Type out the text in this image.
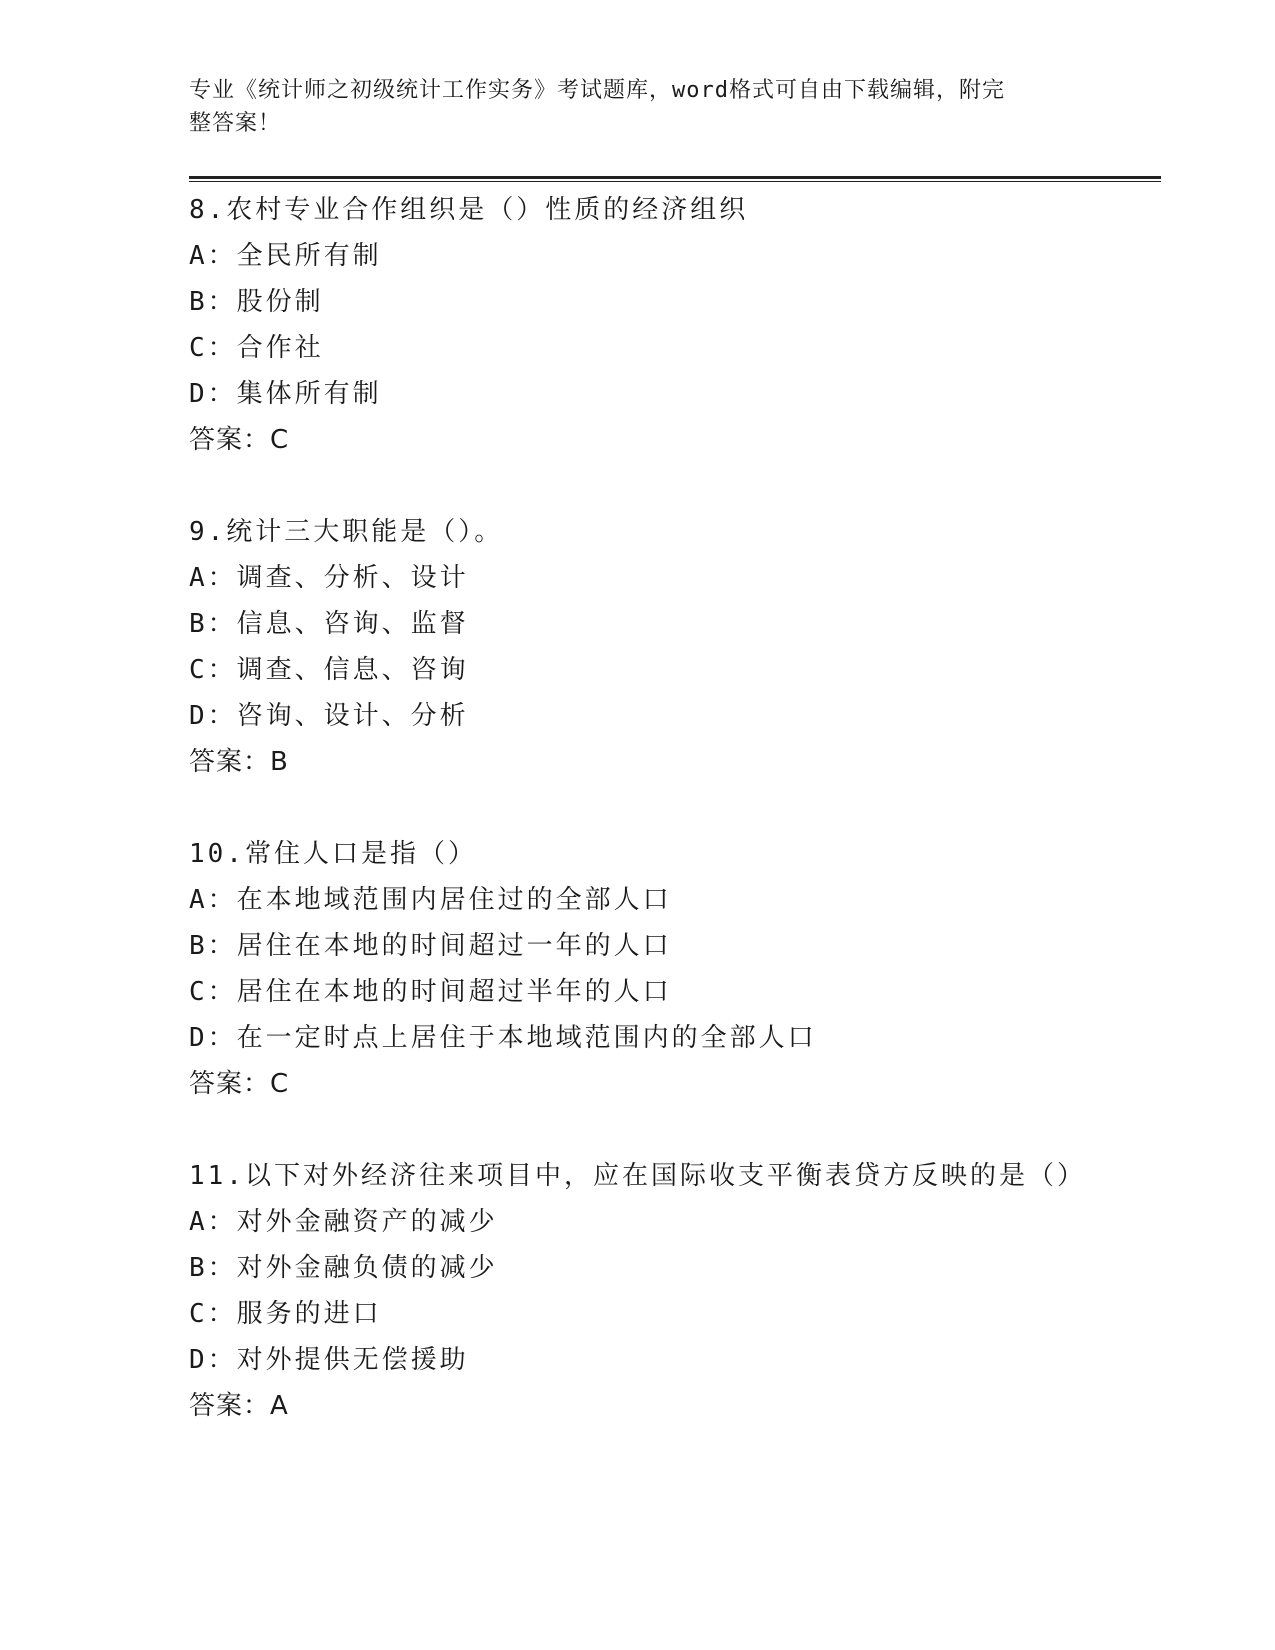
专业《统计师之初级统计工作实务》考试题库，word格式可自由下载编辑，附完
整答案！
8.农村专业合作组织是（）性质的经济组织
A：全民所有制
B：股份制
C：合作社
D：集体所有制
答案：C
9.统计三大职能是（）。
A：调查、分析、设计
B：信息、咨询、监督
C：调查、信息、咨询
D：咨询、设计、分析
答案：B
10.常住人口是指（）
A：在本地域范围内居住过的全部人口
B：居住在本地的时间超过一年的人口
C：居住在本地的时间超过半年的人口
D：在一定时点上居住于本地域范围内的全部人口
答案：C
11.以下对外经济往来项目中，应在国际收支平衡表贷方反映的是（）
A：对外金融资产的减少
B：对外金融负债的减少
C：服务的进口
D：对外提供无偿援助
答案：A
